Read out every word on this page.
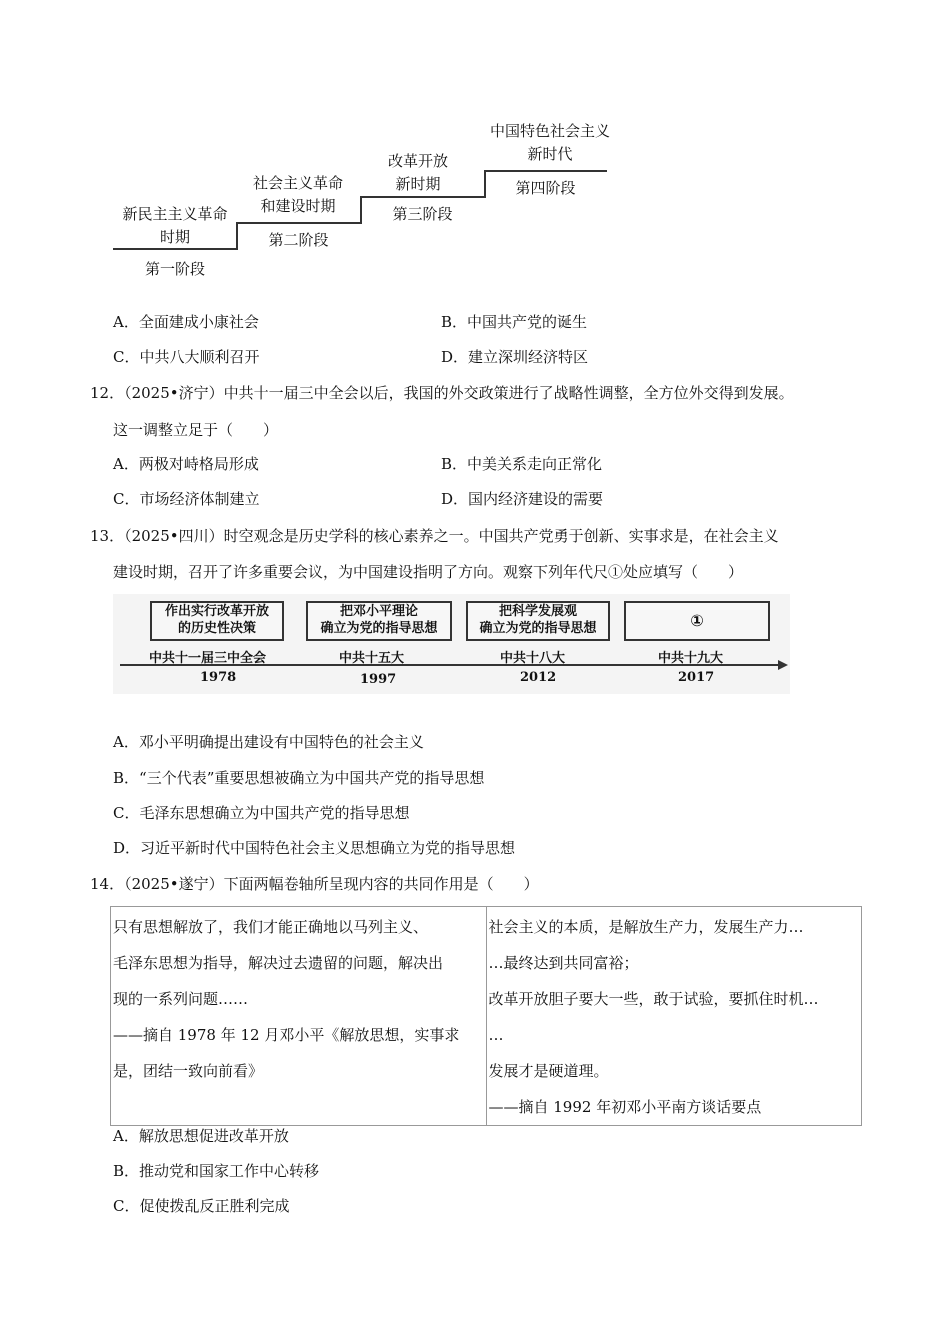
新民主主义革命
时期
社会主义革命
和建设时期
改革开放
新时期
中国特色社会主义
新时代
第一阶段
第二阶段
第三阶段
第四阶段
A．全面建成小康社会	B．中国共产党的诞生
C．中共八大顺利召开	D．建立深圳经济特区
12．（2025•济宁）中共十一届三中全会以后，我国的外交政策进行了战略性调整，全方位外交得到发展。
这一调整立足于（　　）
A．两极对峙格局形成	B．中美关系走向正常化
C．市场经济体制建立	D．国内经济建设的需要
13．（2025•四川）时空观念是历史学科的核心素养之一。中国共产党勇于创新、实事求是，在社会主义
建设时期，召开了许多重要会议，为中国建设指明了方向。观察下列年代尺①处应填写（　　）
作出实行改革开放
的历史性决策
把邓小平理论
确立为党的指导思想
把科学发展观
确立为党的指导思想	①
中共十一届三中全会	中共十五大	中共十八大	中共十九大
1978	1997	2012	2017
A．邓小平明确提出建设有中国特色的社会主义
B．“三个代表”重要思想被确立为中国共产党的指导思想
C．毛泽东思想确立为中国共产党的指导思想
D．习近平新时代中国特色社会主义思想确立为党的指导思想
14．（2025•遂宁）下面两幅卷轴所呈现内容的共同作用是（　　）
只有思想解放了，我们才能正确地以马列主义、
毛泽东思想为指导，解决过去遗留的问题，解决出
现的一系列问题……
——摘自 1978 年 12 月邓小平《解放思想，实事求
是，团结一致向前看》

社会主义的本质，是解放生产力，发展生产力…
…最终达到共同富裕；
改革开放胆子要大一些，敢于试验，要抓住时机…
…
发展才是硬道理。
——摘自 1992 年初邓小平南方谈话要点
A．解放思想促进改革开放
B．推动党和国家工作中心转移
C．促使拨乱反正胜利完成
